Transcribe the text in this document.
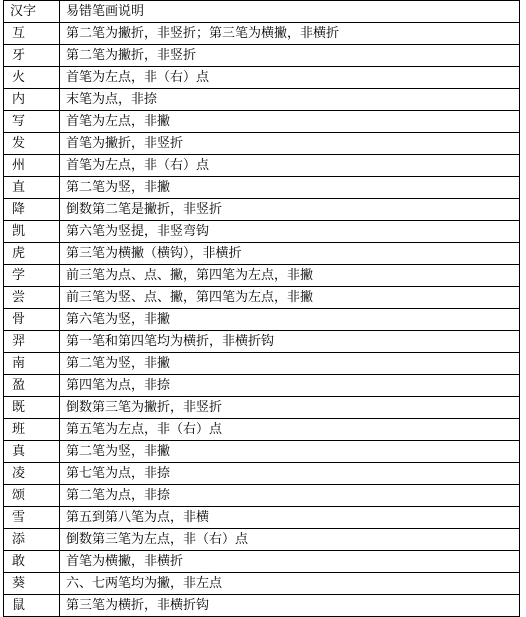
汉字	易错笔画说明
互	第二笔为撇折，非竖折；第三笔为横撇，非横折
牙	第二笔为撇折，非竖折
火	首笔为左点，非（右）点
内	末笔为点，非捺
写	首笔为左点，非撇
发	首笔为撇折，非竖折
州	首笔为左点，非（右）点
直	第二笔为竖，非撇
降	倒数第二笔是撇折，非竖折
凯	第六笔为竖提，非竖弯钩
虎	第三笔为横撇（横钩），非横折
学	前三笔为点、点、撇，第四笔为左点，非撇
尝	前三笔为竖、点、撇，第四笔为左点，非撇
骨	第六笔为竖，非撇
羿	第一笔和第四笔均为横折，非横折钩
南	第二笔为竖，非撇
盈	第四笔为点，非捺
既	倒数第三笔为撇折，非竖折
班	第五笔为左点，非（右）点
真	第二笔为竖，非撇
凌	第七笔为点，非捺
颂	第二笔为点，非捺
雪	第五到第八笔为点，非横
添	倒数第三笔为左点，非（右）点
敢	首笔为横撇，非横折
葵	六、七两笔均为撇，非左点
鼠	第三笔为横折，非横折钩
